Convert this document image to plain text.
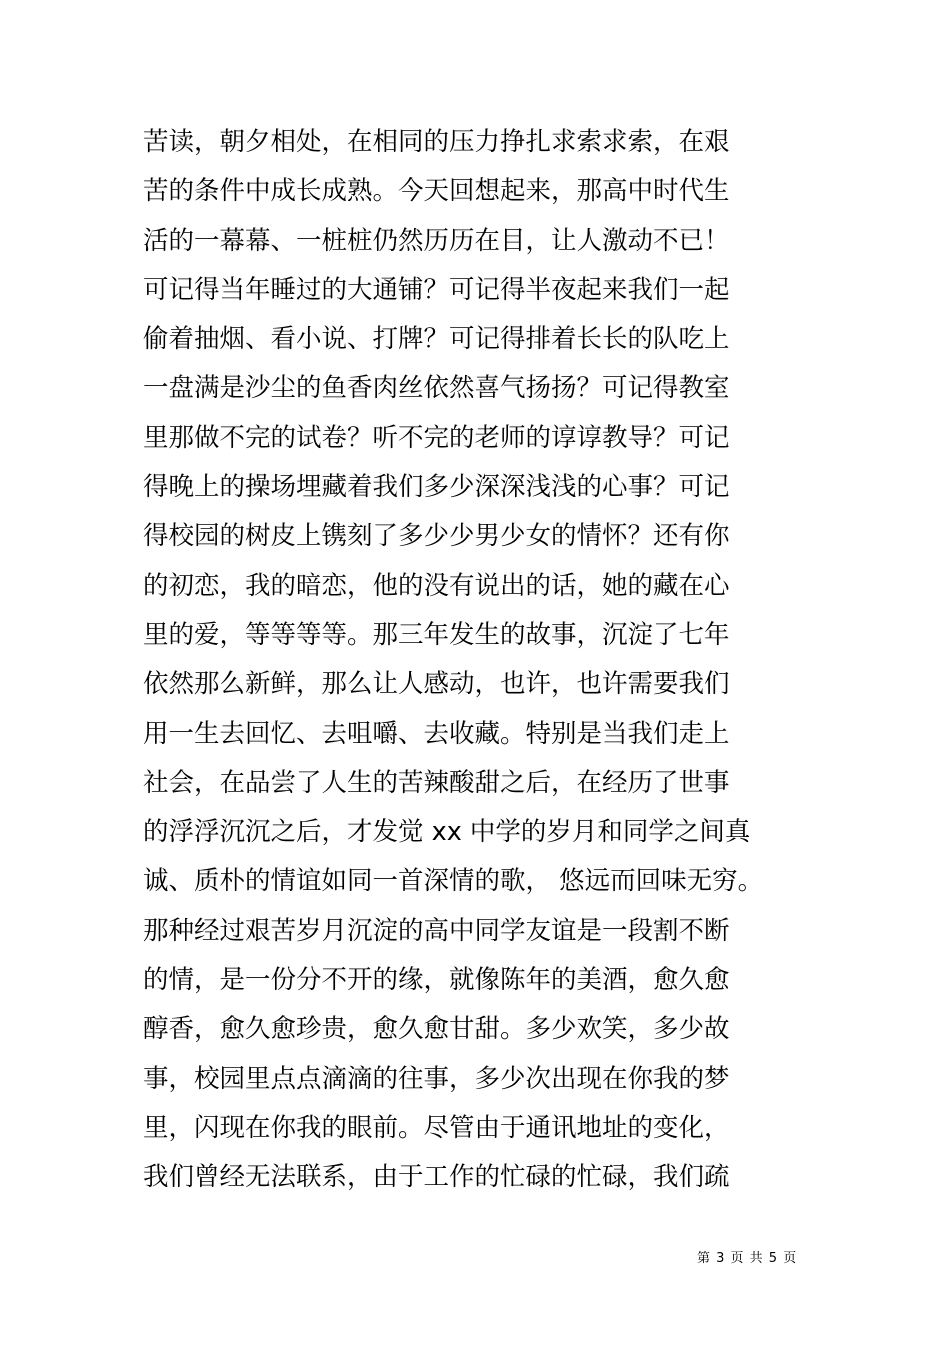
苦读，朝夕相处，在相同的压力挣扎求索求索，在艰
苦的条件中成长成熟。今天回想起来，那高中时代生
活的一幕幕、一桩桩仍然历历在目，让人激动不已！
可记得当年睡过的大通铺？可记得半夜起来我们一起
偷着抽烟、看小说、打牌？可记得排着长长的队吃上
一盘满是沙尘的鱼香肉丝依然喜气扬扬？可记得教室
里那做不完的试卷？听不完的老师的谆谆教导？可记
得晚上的操场埋藏着我们多少深深浅浅的心事？可记
得校园的树皮上镌刻了多少少男少女的情怀？还有你
的初恋，我的暗恋，他的没有说出的话，她的藏在心
里的爱，等等等等。那三年发生的故事，沉淀了七年
依然那么新鲜，那么让人感动，也许，也许需要我们
用一生去回忆、去咀嚼、去收藏。特别是当我们走上
社会，在品尝了人生的苦辣酸甜之后，在经历了世事
的浮浮沉沉之后，才发觉 xx 中学的岁月和同学之间真
诚、质朴的情谊如同一首深情的歌， 悠远而回味无穷。
那种经过艰苦岁月沉淀的高中同学友谊是一段割不断
的情，是一份分不开的缘，就像陈年的美酒，愈久愈
醇香，愈久愈珍贵，愈久愈甘甜。多少欢笑，多少故
事，校园里点点滴滴的往事，多少次出现在你我的梦
里，闪现在你我的眼前。尽管由于通讯地址的变化，
我们曾经无法联系，由于工作的忙碌的忙碌，我们疏
第 3 页 共 5 页
